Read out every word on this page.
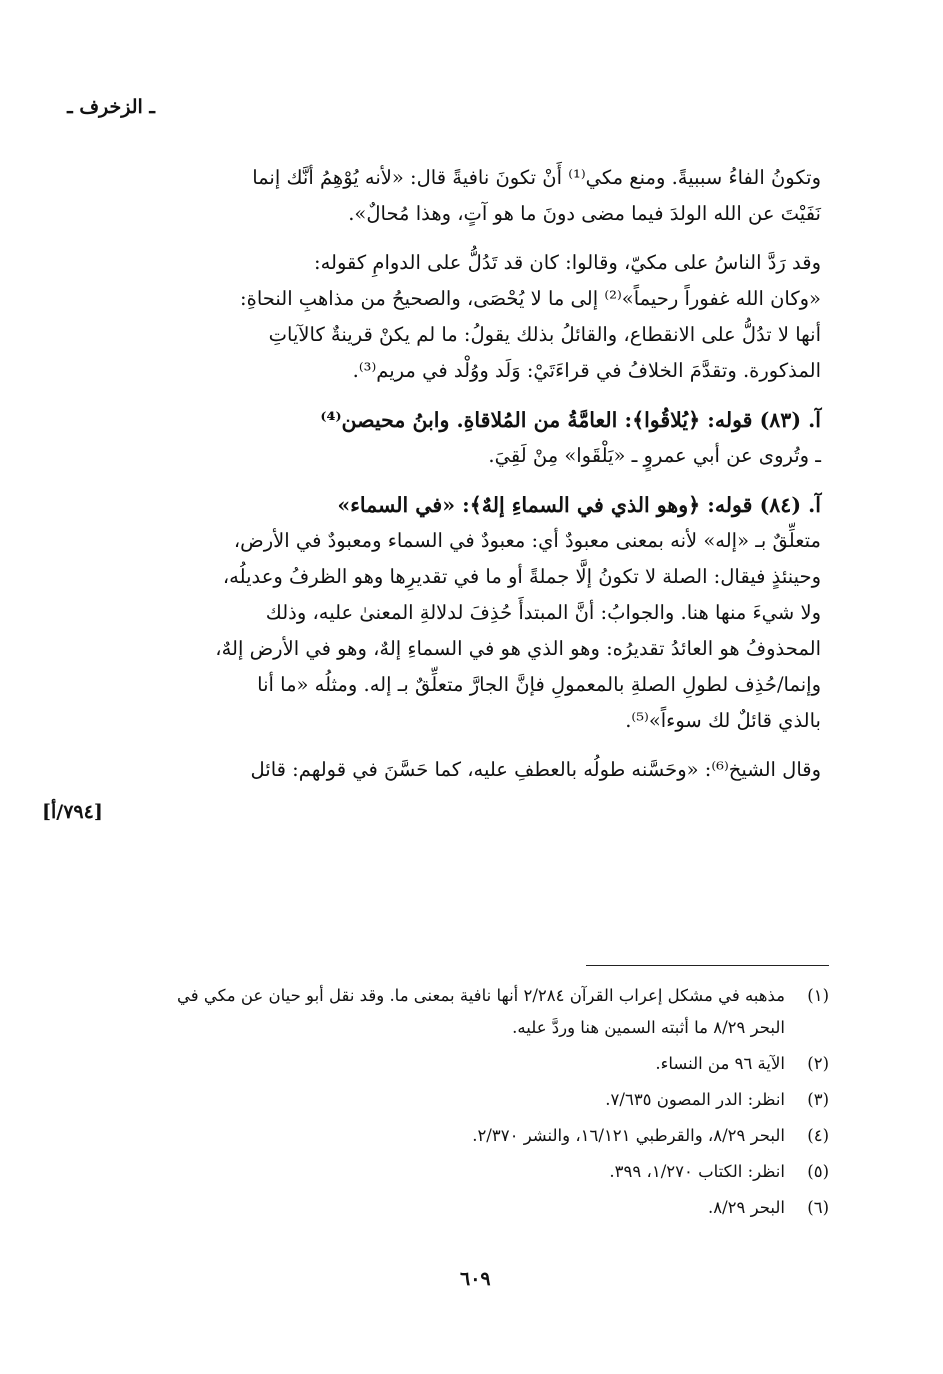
ـ الزخرف ـ
وتكونُ الفاءُ سببيةً. ومنع مكي⁽¹⁾ أَنْ تكونَ نافيةً قال: «لأنه يُوْهِمُ أنَّك إنما
نَفَيْتَ عن الله الولدَ فيما مضى دونَ ما هو آتٍ، وهذا مُحالٌ».
وقد رَدَّ الناسُ على مكيّ، وقالوا: كان قد تَدُلُّ على الدوامِ كقوله:
«وكان الله غفوراً رحيماً»⁽²⁾ إلى ما لا يُحْصَى، والصحيحُ من مذاهبِ النحاةِ:
أنها لا تدُلُّ على الانقطاع، والقائلُ بذلك يقولُ: ما لم يكنْ قرينةٌ كالآياتِ
المذكورة. وتقدَّمَ الخلافُ في قراءَتَيْ: وَلَد ووُلْد في مريم⁽³⁾.
آ. (٨٣) قوله: ﴿يُلاقُوا﴾: العامَّةُ من المُلاقاةِ. وابنُ محيصن⁽⁴⁾
ـ وتُروى عن أبي عمروٍ ـ «يَلْقَوا» مِنْ لَقِيَ.
آ. (٨٤) قوله: ﴿وهو الذي في السماءِ إلهٌ﴾: «في السماء»
متعلِّقٌ بـ «إله» لأنه بمعنى معبودٌ أي: معبودٌ في السماء ومعبودٌ في الأرض،
وحينئذٍ فيقال: الصلة لا تكونُ إلَّا جملةً أو ما في تقديرِها وهو الظرفُ وعديلُه،
ولا شيءَ منها هنا. والجوابُ: أنَّ المبتدأَ حُذِفَ لدلالةِ المعنىٰ عليه، وذلك
المحذوفُ هو العائدُ تقديرُه: وهو الذي هو في السماءِ إلهٌ، وهو في الأرض إلهٌ،
وإنما/حُذِف لطولِ الصلةِ بالمعمولِ فإنَّ الجارَّ متعلِّقٌ بـ إله. ومثلُه «ما أنا
بالذي قائلٌ لك سوءاً»⁽⁵⁾.
وقال الشيخ⁽⁶⁾: «وحَسَّنه طولُه بالعطفِ عليه، كما حَسَّنَ في قولهم: قائل
[٧٩٤/أ]
(١)
مذهبه في مشكل إعراب القرآن ٢/٢٨٤ أنها نافية بمعنى ما. وقد نقل أبو حيان عن مكي في البحر ٨/٢٩ ما أثبته السمين هنا وردَّ عليه.
(٢)
الآية ٩٦ من النساء.
(٣)
انظر: الدر المصون ٧/٦٣٥.
(٤)
البحر ٨/٢٩، والقرطبي ١٦/١٢١، والنشر ٢/٣٧٠.
(٥)
انظر: الكتاب ١/٢٧٠، ٣٩٩.
(٦)
البحر ٨/٢٩.
٦٠٩
